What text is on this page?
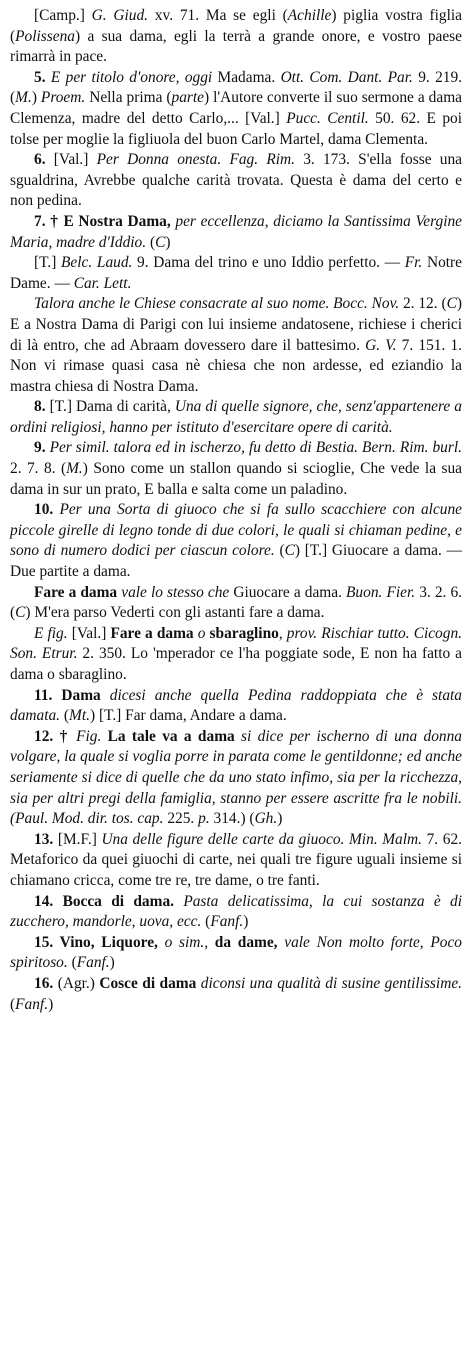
[Camp.] G. Giud. xv. 71. Ma se egli (Achille) piglia vostra figlia (Polissena) a sua dama, egli la terrà a grande onore, e vostro paese rimarrà in pace.

5. E per titolo d'onore, oggi Madama. Ott. Com. Dant. Par. 9. 219. (M.) Proem. Nella prima (parte) l'Autore converte il suo sermone a dama Clemenza, madre del detto Carlo,... [Val.] Pucc. Centil. 50. 62. E poi tolse per moglie la figliuola del buon Carlo Martel, dama Clementa.

6. [Val.] Per Donna onesta. Fag. Rim. 3. 173. S'ella fosse una sgualdrina, Avrebbe qualche carità trovata. Questa è dama del certo e non pedina.

7. † E Nostra Dama, per eccellenza, diciamo la Santissima Vergine Maria, madre d'Iddio. (C)

[T.] Belc. Laud. 9. Dama del trino e uno Iddio perfetto. — Fr. Notre Dame. — Car. Lett.

Talora anche le Chiese consacrate al suo nome. Bocc. Nov. 2. 12. (C) E a Nostra Dama di Parigi con lui insieme andatosene, richiese i cherici di là entro, che ad Abraam dovessero dare il battesimo. G. V. 7. 151. 1. Non vi rimase quasi casa nè chiesa che non ardesse, ed eziandio la mastra chiesa di Nostra Dama.

8. [T.] Dama di carità, Una di quelle signore, che, senz'appartenere a ordini religiosi, hanno per istituto d'esercitare opere di carità.

9. Per simil. talora ed in ischerzo, fu detto di Bestia. Bern. Rim. burl. 2. 7. 8. (M.) Sono come un stallon quando si scioglie, Che vede la sua dama in sur un prato, E balla e salta come un paladino.

10. Per una Sorta di giuoco che si fa sullo scacchiere con alcune piccole girelle di legno tonde di due colori, le quali si chiaman pedine, e sono di numero dodici per ciascun colore. (C) [T.] Giuocare a dama. — Due partite a dama.

Fare a dama vale lo stesso che Giuocare a dama. Buon. Fier. 3. 2. 6. (C) M'era parso Vederti con gli astanti fare a dama.

E fig. [Val.] Fare a dama o sbaraglino, prov. Rischiar tutto. Cicogn. Son. Etrur. 2. 350. Lo 'mperador ce l'ha poggiate sode, E non ha fatto a dama o sbaraglino.

11. Dama dicesi anche quella Pedina raddoppiata che è stata damata. (Mt.) [T.] Far dama, Andare a dama.

12. † Fig. La tale va a dama si dice per ischerno di una donna volgare, la quale si voglia porre in parata come le gentildonne; ed anche seriamente si dice di quelle che da uno stato infimo, sia per la ricchezza, sia per altri pregi della famiglia, stanno per essere ascritte fra le nobili. (Paul. Mod. dir. tos. cap. 225. p. 314.) (Gh.)

13. [M.F.] Una delle figure delle carte da giuoco. Min. Malm. 7. 62. Metaforico da quei giuochi di carte, nei quali tre figure uguali insieme si chiamano cricca, come tre re, tre dame, o tre fanti.

14. Bocca di dama. Pasta delicatissima, la cui sostanza è di zucchero, mandorle, uova, ecc. (Fanf.)

15. Vino, Liquore, o sim., da dame, vale Non molto forte, Poco spiritoso. (Fanf.)

16. (Agr.) Cosce di dama diconsi una qualità di susine gentilissime. (Fanf.)
